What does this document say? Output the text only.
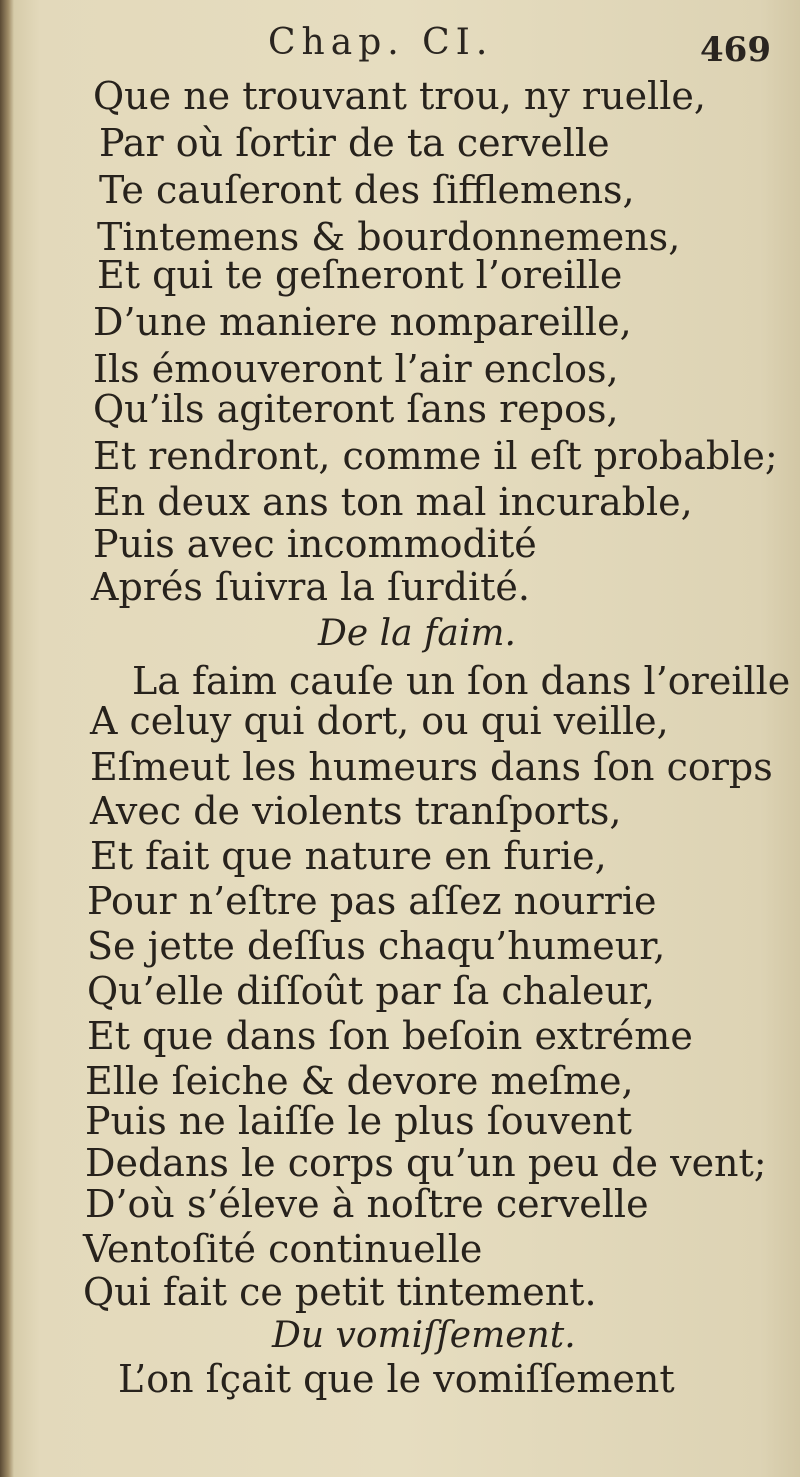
Chap. CI.	469
Que ne trouvant trou, ny ruelle,
Par où ſortir de ta cervelle
Te cauſeront des ſifflemens,
Tintemens & bourdonnemens,
Et qui te geſneront l’oreille
D’une maniere nompareille,
Ils émouveront l’air enclos,
Qu’ils agiteront ſans repos,
Et rendront, comme il eſt probable;
En deux ans ton mal incurable,
Puis avec incommodité
Aprés ſuivra la ſurdité.
De la faim.
La faim cauſe un ſon dans l’oreille
A celuy qui dort, ou qui veille,
Eſmeut les humeurs dans ſon corps
Avec de violents tranſports,
Et fait que nature en furie,
Pour n’eſtre pas aſſez nourrie
Se jette deſſus chaqu’humeur,
Qu’elle diſſoût par ſa chaleur,
Et que dans ſon beſoin extréme
Elle ſeiche & devore meſme,
Puis ne laiſſe le plus ſouvent
Dedans le corps qu’un peu de vent;
D’où s’éleve à noſtre cervelle
Ventoſité continuelle
Qui fait ce petit tintement.
Du vomiſſement.
L’on ſçait que le vomiſſement
